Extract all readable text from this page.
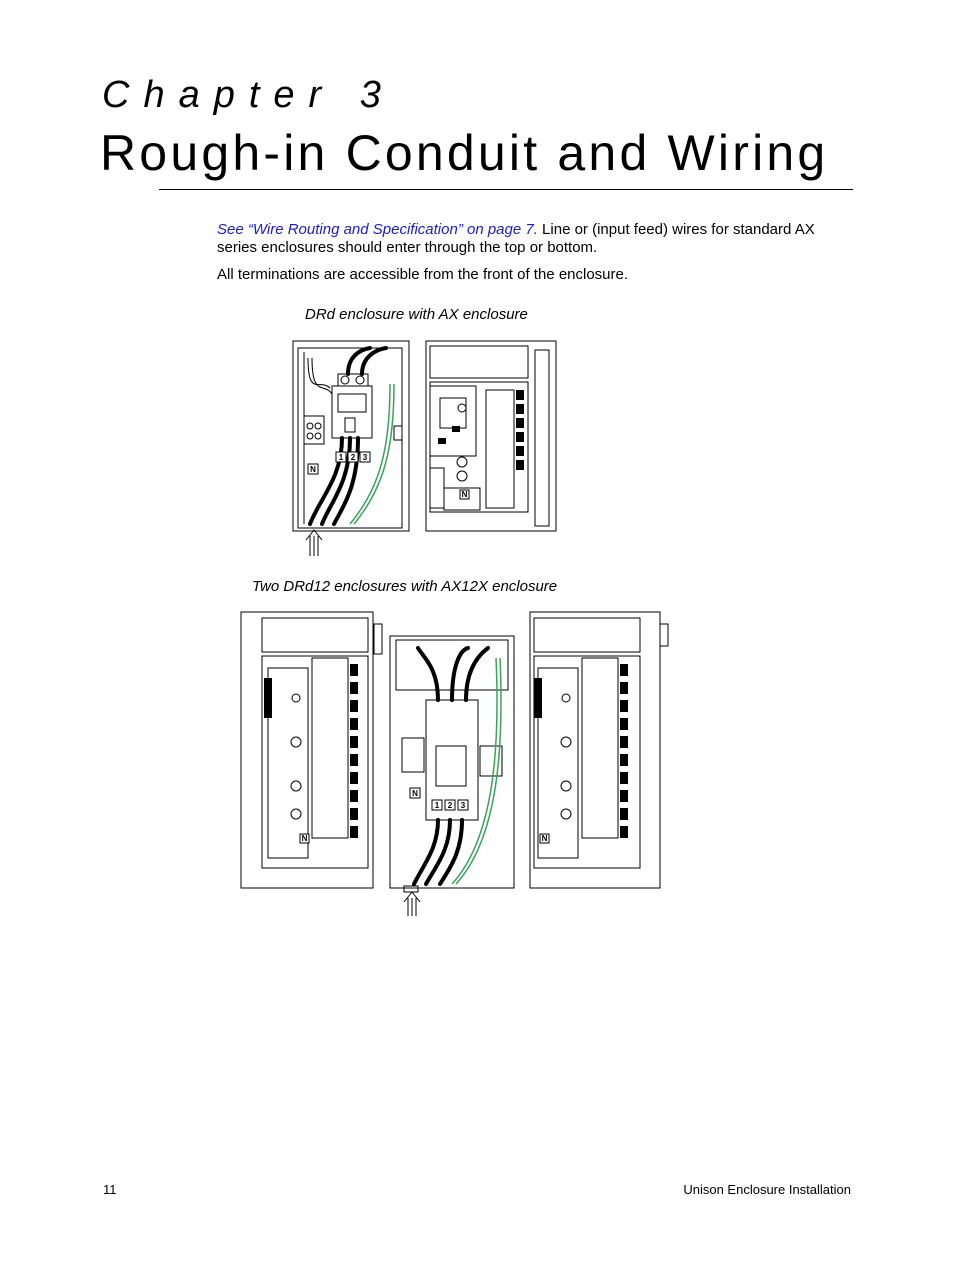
Chapter 3
Rough-in Conduit and Wiring

See “Wire Routing and Specification” on page 7. Line or (input feed) wires for standard AX series enclosures should enter through the top or bottom.

All terminations are accessible from the front of the enclosure.

DRd enclosure with AX enclosure
N
1 2 3
N
Two DRd12 enclosures with AX12X enclosure
N
1 2 3
N	N
11	Unison Enclosure Installation
